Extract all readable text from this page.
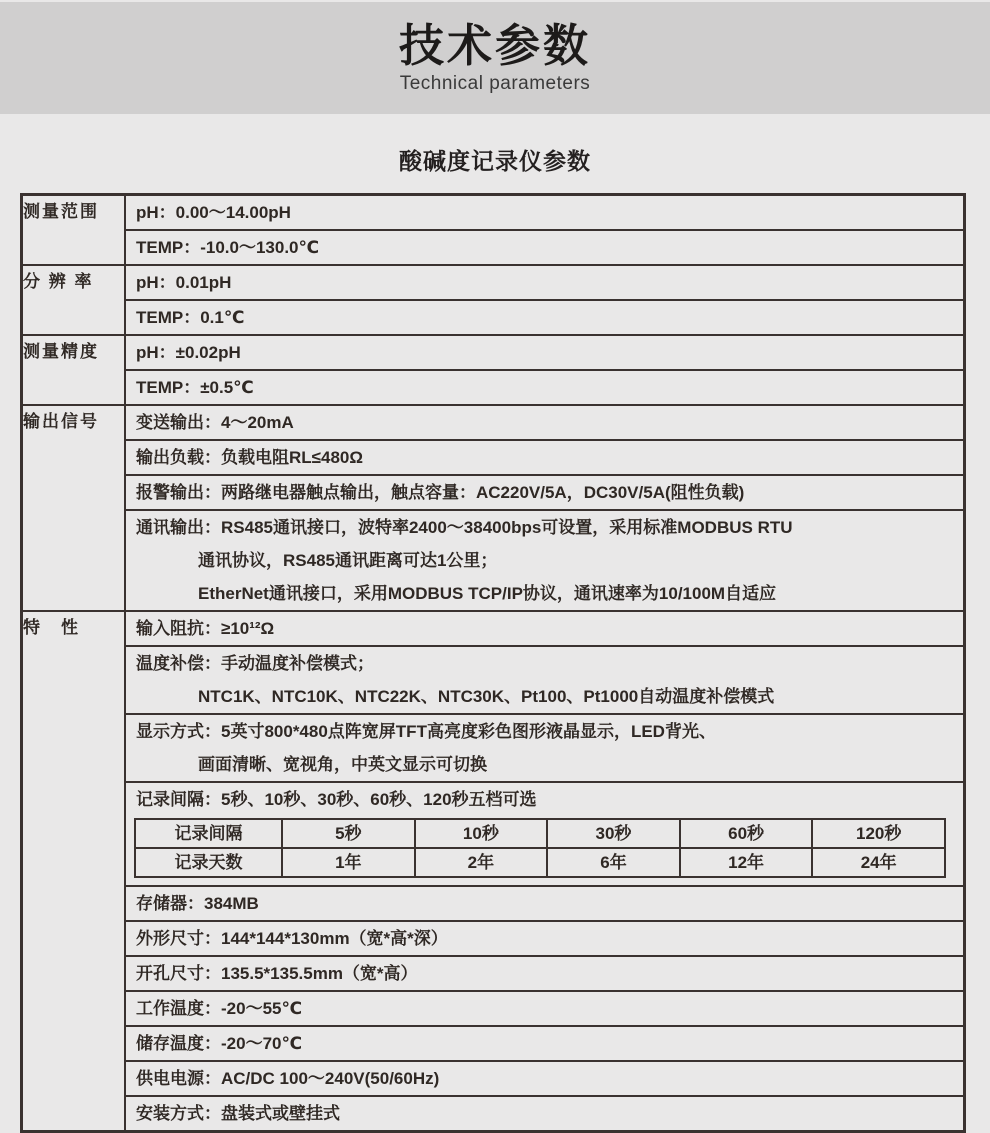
技术参数
Technical parameters
酸碱度记录仪参数
测量范围	pH：0.00～14.00pH

TEMP：-10.0～130.0℃

分 辨 率	pH：0.01pH

TEMP：0.1℃

测量精度	pH：±0.02pH

TEMP：±0.5℃

输出信号	变送输出：4～20mA

输出负载：负载电阻RL≤480Ω

报警输出：两路继电器触点输出，触点容量：AC220V/5A，DC30V/5A(阻性负载)

通讯输出：RS485通讯接口，波特率2400～38400bps可设置，采用标准MODBUS RTU
通讯协议，RS485通讯距离可达1公里；
EtherNet通讯接口，采用MODBUS TCP/IP协议，通讯速率为10/100M自适应

特　性	输入阻抗：≥10¹²Ω

温度补偿：手动温度补偿模式；
NTC1K、NTC10K、NTC22K、NTC30K、Pt100、Pt1000自动温度补偿模式

显示方式：5英寸800*480点阵宽屏TFT高亮度彩色图形液晶显示，LED背光、
画面清晰、宽视角，中英文显示可切换

记录间隔：5秒、10秒、30秒、60秒、120秒五档可选
记录间隔	5秒	10秒	30秒	60秒	120秒
记录天数	1年	2年	6年	12年	24年

存储器：384MB

外形尺寸：144*144*130mm（宽*高*深）

开孔尺寸：135.5*135.5mm（宽*高）

工作温度：-20～55℃

储存温度：-20～70℃

供电电源：AC/DC 100～240V(50/60Hz)

安装方式：盘装式或壁挂式
